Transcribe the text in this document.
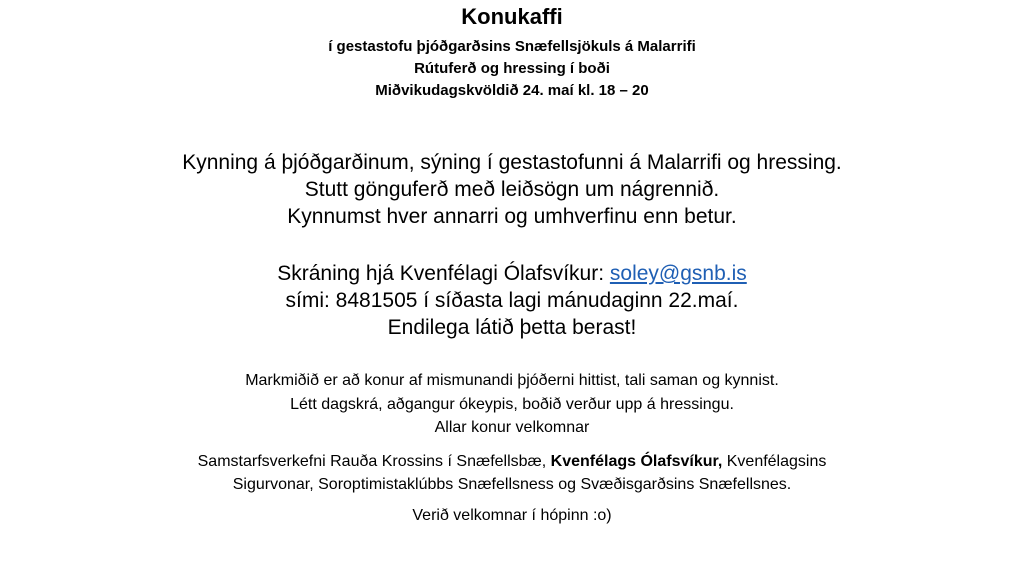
Konukaffi
í gestastofu þjóðgarðsins Snæfellsjökuls á Malarrifi
Rútuferð og hressing í boði
Miðvikudagskvöldið 24. maí kl. 18 – 20
Kynning á þjóðgarðinum, sýning í gestastofunni á Malarrifi og hressing.
Stutt gönguferð með leiðsögn um nágrennið.
Kynnumst hver annarri og umhverfinu enn betur.
Skráning hjá Kvenfélagi Ólafsvíkur: soley@gsnb.is
sími: 8481505 í síðasta lagi mánudaginn 22.maí.
Endilega látið þetta berast!
Markmiðið er að konur af mismunandi þjóðerni hittist, tali saman og kynnist.
Létt dagskrá, aðgangur ókeypis, boðið verður upp á hressingu.
Allar konur velkomnar
Samstarfsverkefni Rauða Krossins í Snæfellsbæ, Kvenfélags Ólafsvíkur, Kvenfélagsins
Sigurvonar, Soroptimistaklúbbs Snæfellsness og Svæðisgarðsins Snæfellsnes.
Verið velkomnar í hópinn :o)
